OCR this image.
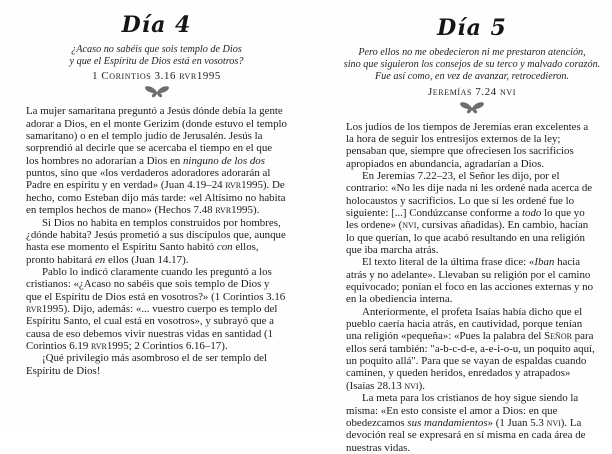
Día 4
¿Acaso no sabéis que sois templo de Dios
y que el Espíritu de Dios está en vosotros?
1 Corintios 3.16 rvr1995

La mujer samaritana preguntó a Jesús dónde debía la gente adorar a Dios, en el monte Gerizim (donde estuvo el templo samaritano) o en el templo judío de Jerusalén. Jesús la sorprendió al decirle que se acercaba el tiempo en el que los hombres no adorarían a Dios en ninguno de los dos puntos, sino que «los verdaderos adoradores adorarán al Padre en espíritu y en verdad» (Juan 4.19–24 rvr1995). De hecho, como Esteban dijo más tarde: «el Altísimo no habita en templos hechos de mano» (Hechos 7.48 rvr1995).

Si Dios no habita en templos construidos por hombres, ¿dónde habita? Jesús prometió a sus discípulos que, aunque hasta ese momento el Espíritu Santo habitó con ellos, pronto habitará en ellos (Juan 14.17).

Pablo lo indicó claramente cuando les preguntó a los cristianos: «¿Acaso no sabéis que sois templo de Dios y que el Espíritu de Dios está en vosotros?» (1 Corintios 3.16 rvr1995). Dijo, además: «... vuestro cuerpo es templo del Espíritu Santo, el cual está en vosotros», y subrayó que a causa de eso debemos vivir nuestras vidas en santidad (1 Corintios 6.19 rvr1995; 2 Corintios 6.16–17).

¡Qué privilegio más asombroso el de ser templo del Espíritu de Dios!

Día 5
Pero ellos no me obedecieron ni me prestaron atención,
sino que siguieron los consejos de su terco y malvado corazón.
Fue así como, en vez de avanzar, retrocedieron.
Jeremías 7.24 nvi

Los judíos de los tiempos de Jeremías eran excelentes a la hora de seguir los entresijos externos de la ley; pensaban que, siempre que ofreciesen los sacrificios apropiados en abundancia, agradarían a Dios.

En Jeremías 7.22–23, el Señor les dijo, por el contrario: «No les dije nada ni les ordené nada acerca de holocaustos y sacrificios. Lo que sí les ordené fue lo siguiente: [...] Condúzcanse conforme a todo lo que yo les ordene» (nvi, cursivas añadidas). En cambio, hacían lo que querían, lo que acabó resultando en una religión que iba marcha atrás.

El texto literal de la última frase dice: «Iban hacia atrás y no adelante». Llevaban su religión por el camino equivocado; ponían el foco en las acciones externas y no en la obediencia interna.

Anteriormente, el profeta Isaías había dicho que el pueblo caería hacia atrás, en cautividad, porque tenían una religión «pequeña»: «Pues la palabra del Señor para ellos será también: "a-b-c-d-e, a-e-i-o-u, un poquito aquí, un poquito allá". Para que se vayan de espaldas cuando caminen, y queden heridos, enredados y atrapados» (Isaías 28.13 nvi).

La meta para los cristianos de hoy sigue siendo la misma: «En esto consiste el amor a Dios: en que obedezcamos sus mandamientos» (1 Juan 5.3 nvi). La devoción real se expresará en sí misma en cada área de nuestras vidas.
